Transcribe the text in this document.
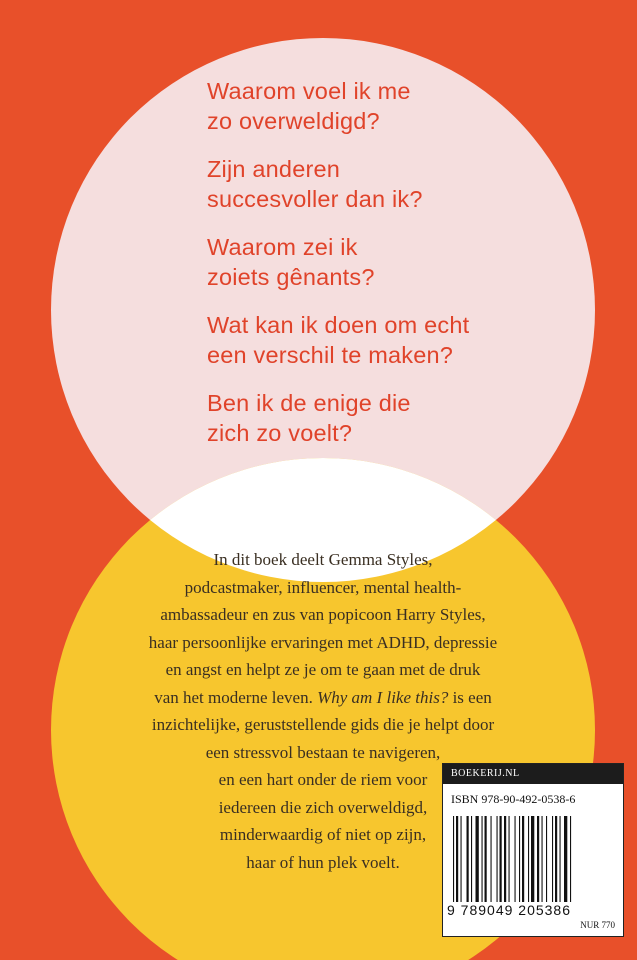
Waarom voel ik me
zo overweldigd?

Zijn anderen
succesvoller dan ik?

Waarom zei ik
zoiets gênants?

Wat kan ik doen om echt
een verschil te maken?

Ben ik de enige die
zich zo voelt?

In dit boek deelt Gemma Styles,
podcastmaker, influencer, mental health-
ambassadeur en zus van popicoon Harry Styles,
haar persoonlijke ervaringen met ADHD, depressie
en angst en helpt ze je om te gaan met de druk
van het moderne leven. Why am I like this? is een
inzichtelijke, geruststellende gids die je helpt door
een stressvol bestaan te navigeren,
en een hart onder de riem voor
iedereen die zich overweldigd,
minderwaardig of niet op zijn,
haar of hun plek voelt.
BOEKERIJ.NL
ISBN 978-90-492-0538-6
9 789049 205386
NUR 770
